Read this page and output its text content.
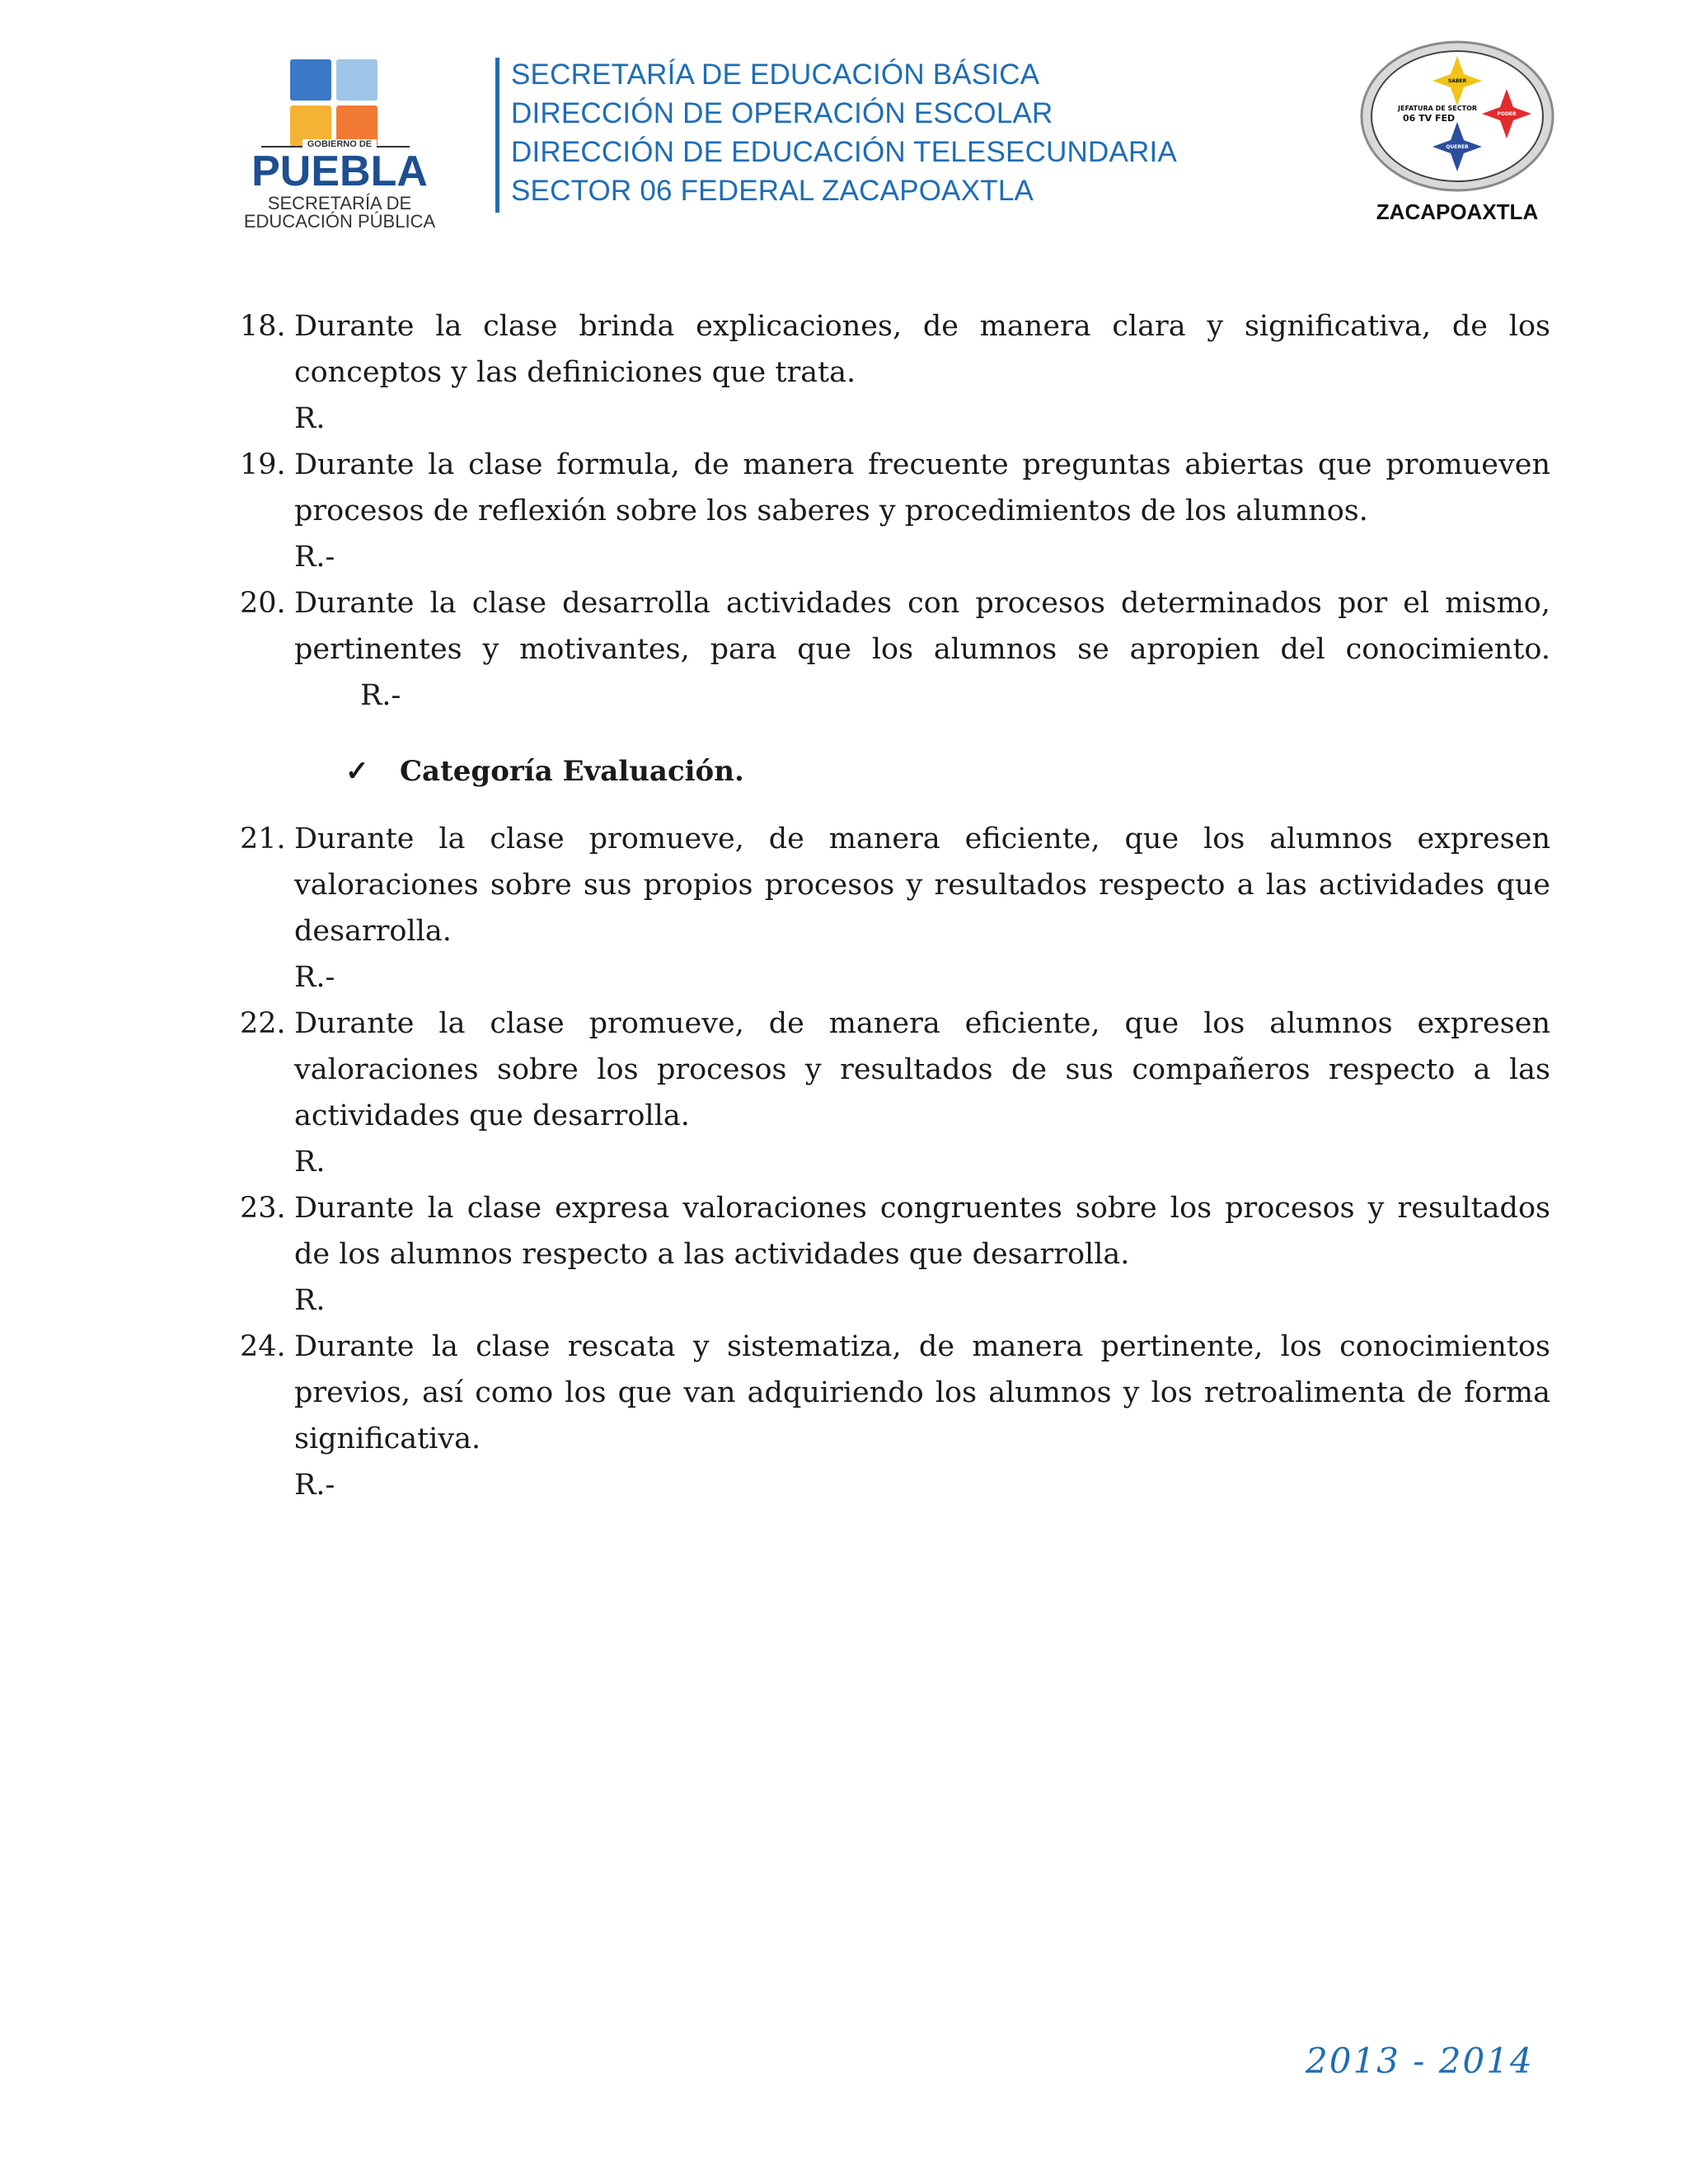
GOBIERNO DE
PUEBLA
SECRETARÍA DE
EDUCACIÓN PÚBLICA
SECRETARÍA DE EDUCACIÓN BÁSICA
DIRECCIÓN DE OPERACIÓN ESCOLAR
DIRECCIÓN DE EDUCACIÓN TELESECUNDARIA
SECTOR 06 FEDERAL ZACAPOAXTLA
SABER
PODER
QUERER
JEFATURA DE SECTOR
06 TV FED
ZACAPOAXTLA
18. Durante la clase brinda explicaciones, de manera clara y significativa, de los conceptos y las definiciones que trata.
R.
19. Durante la clase formula, de manera frecuente preguntas abiertas que promueven procesos de reflexión sobre los saberes y procedimientos de los alumnos.
R.-
20. Durante la clase desarrolla actividades con procesos determinados por el mismo, pertinentes y motivantes, para que los alumnos se apropien del conocimiento. R.-
✓ Categoría Evaluación.
21. Durante la clase promueve, de manera eficiente, que los alumnos expresen valoraciones sobre sus propios procesos y resultados respecto a las actividades que desarrolla.
R.-
22. Durante la clase promueve, de manera eficiente, que los alumnos expresen valoraciones sobre los procesos y resultados de sus compañeros respecto a las actividades que desarrolla.
R.
23. Durante la clase expresa valoraciones congruentes sobre los procesos y resultados de los alumnos respecto a las actividades que desarrolla.
R.
24. Durante la clase rescata y sistematiza, de manera pertinente, los conocimientos previos, así como los que van adquiriendo los alumnos y los retroalimenta de forma significativa.
R.-
2013 - 2014
